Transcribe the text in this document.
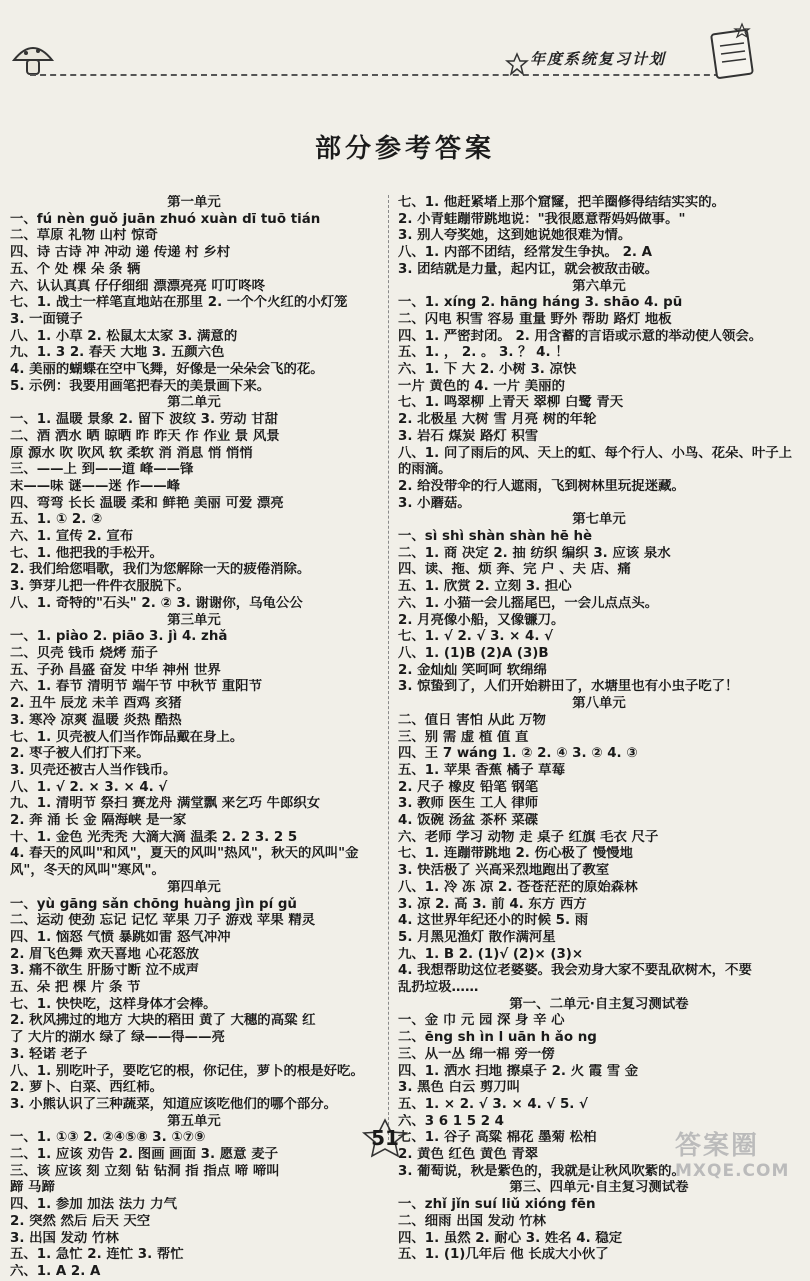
年度系统复习计划
部分参考答案
第一单元
一、fú nèn guǒ juān zhuó xuàn dī tuō tián
二、草原 礼物 山村 惊奇
四、诗 古诗 冲 冲动 递 传递 村 乡村
五、个 处 棵 朵 条 辆
六、认认真真 仔仔细细 漂漂亮亮 叮叮咚咚
七、1. 战士一样笔直地站在那里 2. 一个个火红的小灯笼
3. 一面镜子
八、1. 小草 2. 松鼠太太家 3. 满意的
九、1. 3 2. 春天 大地 3. 五颜六色
4. 美丽的蝴蝶在空中飞舞，好像是一朵朵会飞的花。
5. 示例：我要用画笔把春天的美景画下来。
第二单元
一、1. 温暖 景象 2. 留下 波纹 3. 劳动 甘甜
二、酒 洒水 晒 晾晒 昨 昨天 作 作业 景 风景
原 源水 吹 吹风 软 柔软 消 消息 悄 悄悄
三、——上 到——道 峰——锋
末——味 谜——迷 作——峰
四、弯弯 长长 温暖 柔和 鲜艳 美丽 可爱 漂亮
五、1. ① 2. ②
六、1. 宣传 2. 宣布
七、1. 他把我的手松开。
2. 我们给您唱歌，我们为您解除一天的疲倦消除。
3. 笋芽儿把一件件衣服脱下。
八、1. 奇特的"石头" 2. ② 3. 谢谢你，乌龟公公
第三单元
一、1. piào 2. piāo 3. jì 4. zhǎ
二、贝壳 钱币 烧烤 茄子
五、子孙 昌盛 奋发 中华 神州 世界
六、1. 春节 清明节 端午节 中秋节 重阳节
2. 丑牛 辰龙 未羊 酉鸡 亥猪
3. 寒冷 凉爽 温暖 炎热 酷热
七、1. 贝壳被人们当作饰品戴在身上。
2. 枣子被人们打下来。
3. 贝壳还被古人当作钱币。
八、1. √ 2. × 3. × 4. √
九、1. 清明节 祭扫 赛龙舟 满堂飘 来乞巧 牛郎织女
2. 奔 涌 长 金 隔海峡 是一家
十、1. 金色 光秃秃 大滴大滴 温柔 2. 2 3. 2 5
4. 春天的风叫"和风"，夏天的风叫"热风"，秋天的风叫"金
风"，冬天的风叫"寒风"。
第四单元
一、yù gāng sǎn chōng huàng jìn pí gǔ
二、运动 使劲 忘记 记忆 苹果 刀子 游戏 苹果 精灵
四、1. 恼怒 气愤 暴跳如雷 怒气冲冲
2. 眉飞色舞 欢天喜地 心花怒放
3. 痛不欲生 肝肠寸断 泣不成声
五、朵 把 棵 片 条 节
七、1. 快快吃，这样身体才会棒。
2. 秋风拂过的地方 大块的稻田 黄了 大穗的高粱 红
了 大片的湖水 绿了 绿——得——亮
3. 轻诺 老子
八、1. 别吃叶子，要吃它的根，你记住，萝卜的根是好吃。
2. 萝卜、白菜、西红柿。
3. 小熊认识了三种蔬菜，知道应该吃他们的哪个部分。
第五单元
一、1. ①③ 2. ②④⑤⑧ 3. ①⑦⑨
二、1. 应该 劝告 2. 图画 画面 3. 愿意 麦子
三、该 应该 刻 立刻 钻 钻洞 指 指点 啼 啼叫
蹄 马蹄
四、1. 参加 加法 法力 力气
2. 突然 然后 后天 天空
3. 出国 发动 竹林
五、1. 急忙 2. 连忙 3. 帮忙
六、1. A 2. A
七、1. 他赶紧堵上那个窟窿，把羊圈修得结结实实的。
2. 小青蛙蹦带跳地说："我很愿意帮妈妈做事。"
3. 别人夸奖她，这到她说她很难为情。
八、1. 内部不团结，经常发生争执。 2. A
3. 团结就是力量，起内讧，就会被敌击破。
第六单元
一、1. xíng 2. hāng háng 3. shāo 4. pū
二、闪电 积雪 容易 重量 野外 帮助 路灯 地板
四、1. 严密封闭。 2. 用含蓄的言语或示意的举动使人领会。
五、1. ， 2. 。 3. ？ 4. ！
六、1. 下 大 2. 小树 3. 凉快
一片 黄色的 4. 一片 美丽的
七、1. 鸣翠柳 上青天 翠柳 白鹭 青天
2. 北极星 大树 雪 月亮 树的年轮
3. 岩石 煤炭 路灯 积雪
八、1. 问了雨后的风、天上的虹、每个行人、小鸟、花朵、叶子上
的雨滴。
2. 给没带伞的行人遮雨，飞到树林里玩捉迷藏。
3. 小蘑菇。
第七单元
一、sì shì shàn shàn hē hè
二、1. 商 决定 2. 抽 纺织 编织 3. 应该 泉水
四、读、拖、烦 奔、完 户 、夫 店、痛
五、1. 欣赏 2. 立刻 3. 担心
六、1. 小猫一会儿摇尾巴，一会儿点点头。
2. 月亮像小船，又像镰刀。
七、1. √ 2. √ 3. × 4. √
八、1. (1)B (2)A (3)B
2. 金灿灿 笑呵呵 软绵绵
3. 惊蛰到了，人们开始耕田了，水塘里也有小虫子吃了！
第八单元
二、值日 害怕 从此 万物
三、别 需 虚 植 值 直
四、王 7 wáng 1. ② 2. ④ 3. ② 4. ③
五、1. 苹果 香蕉 橘子 草莓
2. 尺子 橡皮 铅笔 钢笔
3. 教师 医生 工人 律师
4. 饭碗 汤盆 茶杯 菜碟
六、老师 学习 动物 走 桌子 红旗 毛衣 尺子
七、1. 连蹦带跳地 2. 伤心极了 慢慢地
3. 快活极了 兴高采烈地跑出了教室
八、1. 冷 冻 凉 2. 苍苍茫茫的原始森林
3. 凉 2. 高 3. 前 4. 东方 西方
4. 这世界年纪还小的时候 5. 雨
5. 月黑见渔灯 散作满河星
九、1. B 2. (1)√ (2)× (3)×
4. 我想帮助这位老婆婆。我会劝身大家不要乱砍树木，不要
乱扔垃圾……
第一、二单元·自主复习测试卷
一、金 巾 元 园 深 身 辛 心
二、ēng sh ìn l uān h ǎo ng
三、从一丛 绵一棉 旁一傍
四、1. 洒水 扫地 擦桌子 2. 火 霞 雪 金
3. 黑色 白云 剪刀叫
五、1. × 2. √ 3. × 4. √ 5. √
六、3 6 1 5 2 4
七、1. 谷子 高粱 棉花 墨菊 松柏
2. 黄色 红色 黄色 青翠
3. 葡萄说，秋是紫色的，我就是让秋风吹紫的。
第三、四单元·自主复习测试卷
一、zhǐ jǐn suí liǔ xióng fēn
二、细雨 出国 发动 竹林
四、1. 虽然 2. 耐心 3. 姓名 4. 稳定
五、1. (1)几年后 他 长成大小伙了
51	答案圈
MXQE.COM
